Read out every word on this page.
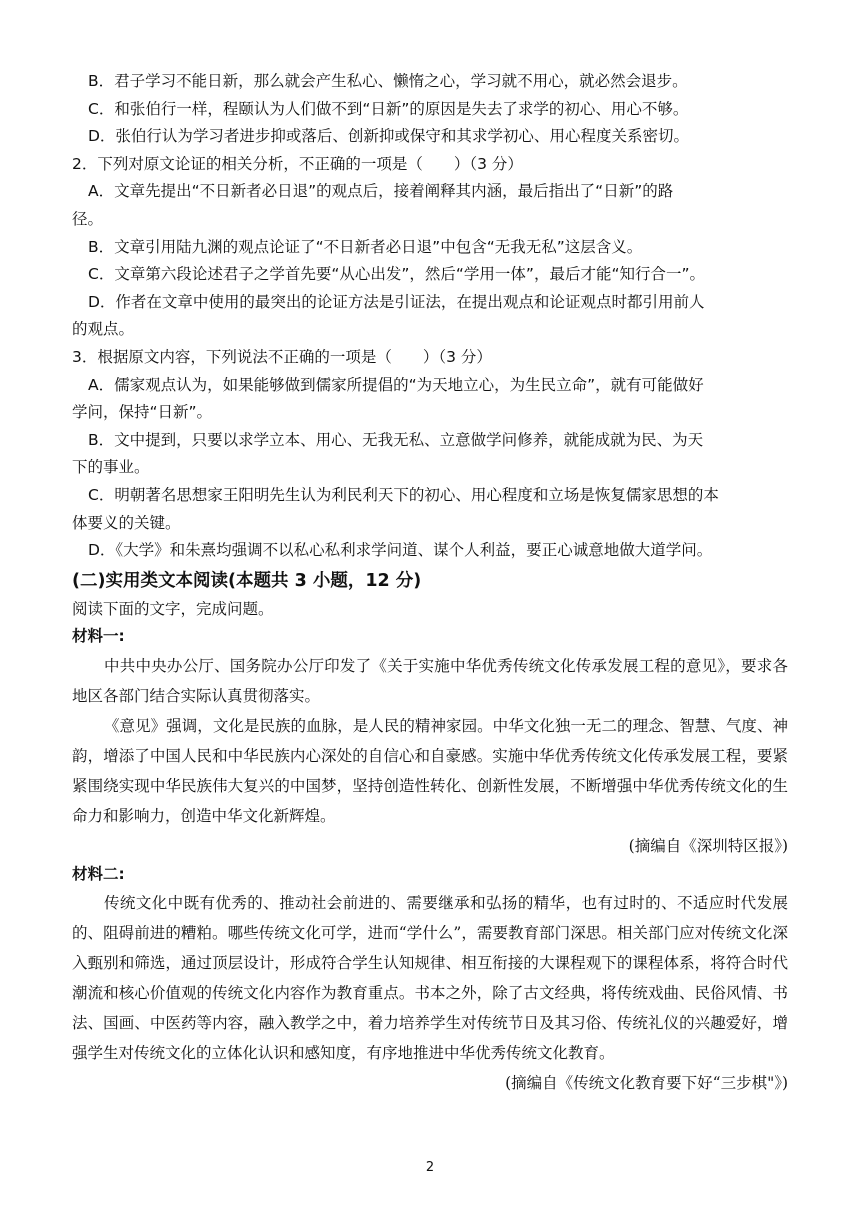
B．君子学习不能日新，那么就会产生私心、懒惰之心，学习就不用心，就必然会退步。
C．和张伯行一样，程颐认为人们做不到“日新”的原因是失去了求学的初心、用心不够。
D．张伯行认为学习者进步抑或落后、创新抑或保守和其求学初心、用心程度关系密切。
2．下列对原文论证的相关分析，不正确的一项是（　　）（3 分）
A．文章先提出“不日新者必日退”的观点后，接着阐释其内涵，最后指出了“日新”的路
径。
B．文章引用陆九渊的观点论证了“不日新者必日退”中包含“无我无私”这层含义。
C．文章第六段论述君子之学首先要“从心出发”，然后“学用一体”，最后才能“知行合一”。
D．作者在文章中使用的最突出的论证方法是引证法，在提出观点和论证观点时都引用前人
的观点。
3．根据原文内容，下列说法不正确的一项是（　　）（3 分）
A．儒家观点认为，如果能够做到儒家所提倡的“为天地立心，为生民立命”，就有可能做好
学问，保持“日新”。
B．文中提到，只要以求学立本、用心、无我无私、立意做学问修养，就能成就为民、为天
下的事业。
C．明朝著名思想家王阳明先生认为利民利天下的初心、用心程度和立场是恢复儒家思想的本
体要义的关键。
D．《大学》和朱熹均强调不以私心私利求学问道、谋个人利益，要正心诚意地做大道学问。
(二)实用类文本阅读(本题共 3 小题，12 分)
阅读下面的文字，完成问题。
材料一:
中共中央办公厅、国务院办公厅印发了《关于实施中华优秀传统文化传承发展工程的意见》，要求各地区各部门结合实际认真贯彻落实。
《意见》强调，文化是民族的血脉，是人民的精神家园。中华文化独一无二的理念、智慧、气度、神韵，增添了中国人民和中华民族内心深处的自信心和自豪感。实施中华优秀传统文化传承发展工程，要紧紧围绕实现中华民族伟大复兴的中国梦，坚持创造性转化、创新性发展，不断增强中华优秀传统文化的生命力和影响力，创造中华文化新辉煌。
(摘编自《深圳特区报》)
材料二:
传统文化中既有优秀的、推动社会前进的、需要继承和弘扬的精华，也有过时的、不适应时代发展的、阻碍前进的糟粕。哪些传统文化可学，进而“学什么”，需要教育部门深思。相关部门应对传统文化深入甄别和筛选，通过顶层设计，形成符合学生认知规律、相互衔接的大课程观下的课程体系，将符合时代潮流和核心价值观的传统文化内容作为教育重点。书本之外，除了古文经典，将传统戏曲、民俗风情、书法、国画、中医药等内容，融入教学之中，着力培养学生对传统节日及其习俗、传统礼仪的兴趣爱好，增强学生对传统文化的立体化认识和感知度，有序地推进中华优秀传统文化教育。
(摘编自《传统文化教育要下好“三步棋"》)
2
